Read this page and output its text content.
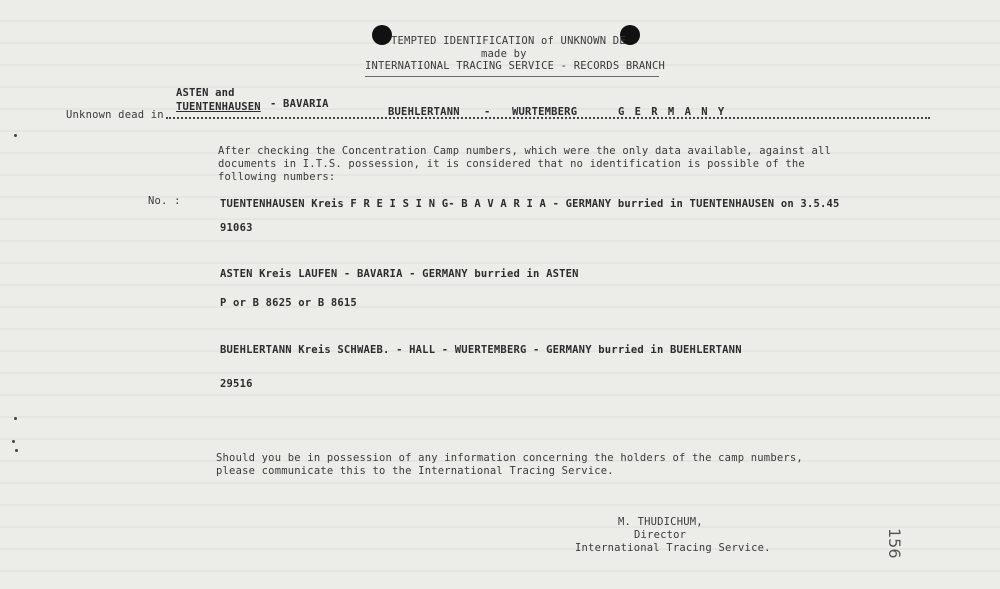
TEMPTED IDENTIFICATION of UNKNOWN DE
made by
INTERNATIONAL TRACING SERVICE - RECORDS BRANCH
ASTEN and
TUENTENHAUSEN - BAVARIA
Unknown dead in	BUEHLERTANN - WURTEMBERG	G E R M A N Y
After checking the Concentration Camp numbers, which were the only data available, against all
documents in I.T.S. possession, it is considered that no identification is possible of the
following numbers:
No. :	TUENTENHAUSEN Kreis F R E I S I N G- B A V A R I A - GERMANY burried in TUENTENHAUSEN on 3.5.45
91063
ASTEN Kreis LAUFEN - BAVARIA - GERMANY burried in ASTEN
P or B 8625 or B 8615
BUEHLERTANN Kreis SCHWAEB. - HALL - WUERTEMBERG - GERMANY burried in BUEHLERTANN
29516
Should you be in possession of any information concerning the holders of the camp numbers,
please communicate this to the International Tracing Service.
M. THUDICHUM,
Director
International Tracing Service.	156
